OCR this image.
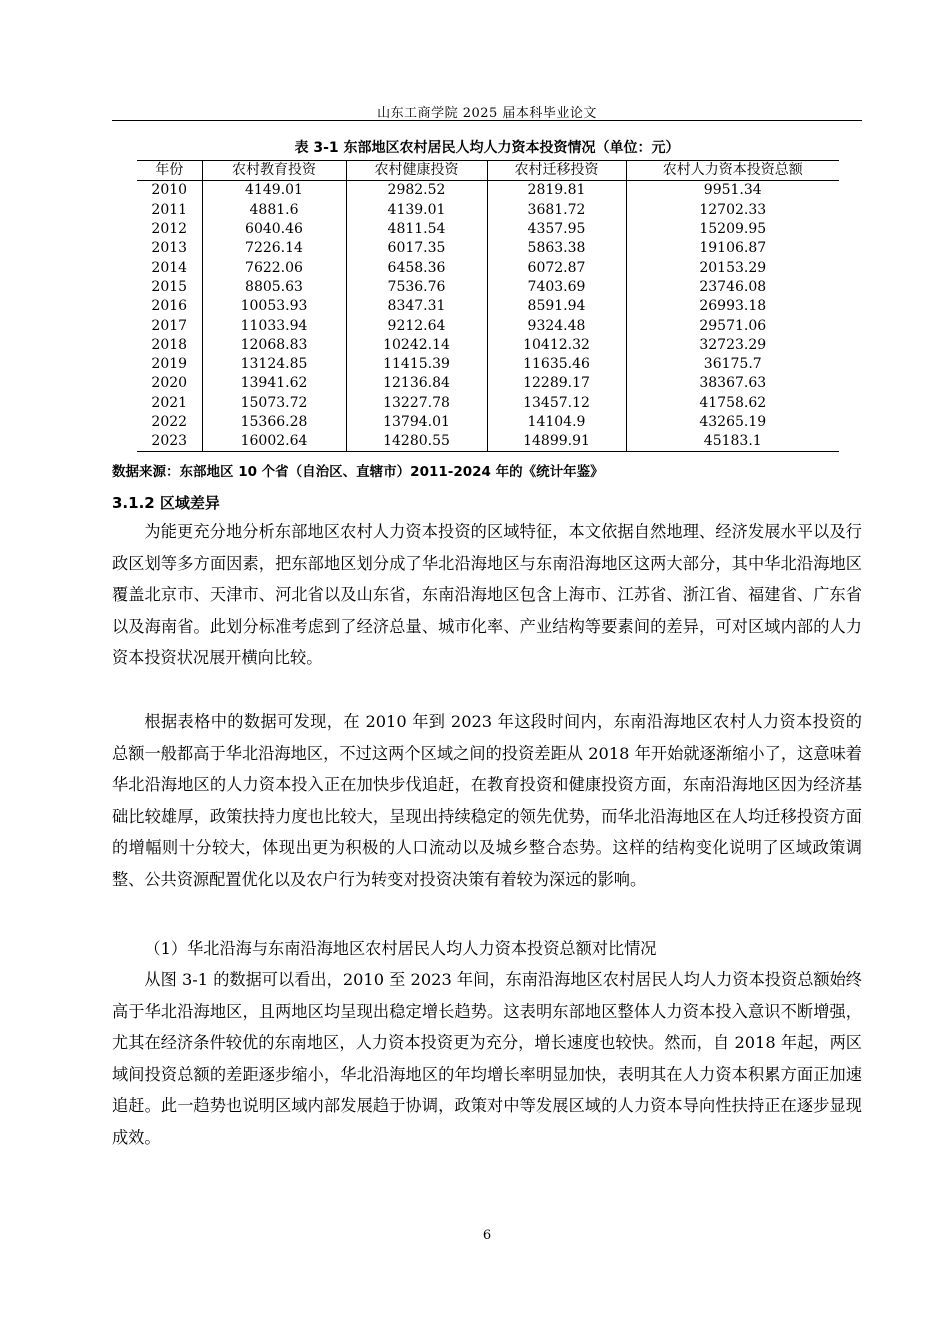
山东工商学院 2025 届本科毕业论文
表 3-1 东部地区农村居民人均人力资本投资情况（单位：元）
年份	农村教育投资	农村健康投资	农村迁移投资	农村人力资本投资总额
2010	4149.01	2982.52	2819.81	9951.34
2011	4881.6	4139.01	3681.72	12702.33
2012	6040.46	4811.54	4357.95	15209.95
2013	7226.14	6017.35	5863.38	19106.87
2014	7622.06	6458.36	6072.87	20153.29
2015	8805.63	7536.76	7403.69	23746.08
2016	10053.93	8347.31	8591.94	26993.18
2017	11033.94	9212.64	9324.48	29571.06
2018	12068.83	10242.14	10412.32	32723.29
2019	13124.85	11415.39	11635.46	36175.7
2020	13941.62	12136.84	12289.17	38367.63
2021	15073.72	13227.78	13457.12	41758.62
2022	15366.28	13794.01	14104.9	43265.19
2023	16002.64	14280.55	14899.91	45183.1
数据来源：东部地区 10 个省（自治区、直辖市）2011-2024 年的《统计年鉴》
3.1.2 区域差异

为能更充分地分析东部地区农村人力资本投资的区域特征，本文依据自然地理、经济发展水平以及行政区划等多方面因素，把东部地区划分成了华北沿海地区与东南沿海地区这两大部分，其中华北沿海地区覆盖北京市、天津市、河北省以及山东省，东南沿海地区包含上海市、江苏省、浙江省、福建省、广东省以及海南省。此划分标准考虑到了经济总量、城市化率、产业结构等要素间的差异，可对区域内部的人力资本投资状况展开横向比较。

根据表格中的数据可发现，在 2010 年到 2023 年这段时间内，东南沿海地区农村人力资本投资的总额一般都高于华北沿海地区，不过这两个区域之间的投资差距从 2018 年开始就逐渐缩小了，这意味着华北沿海地区的人力资本投入正在加快步伐追赶，在教育投资和健康投资方面，东南沿海地区因为经济基础比较雄厚，政策扶持力度也比较大，呈现出持续稳定的领先优势，而华北沿海地区在人均迁移投资方面的增幅则十分较大，体现出更为积极的人口流动以及城乡整合态势。这样的结构变化说明了区域政策调整、公共资源配置优化以及农户行为转变对投资决策有着较为深远的影响。

（1）华北沿海与东南沿海地区农村居民人均人力资本投资总额对比情况

从图 3-1 的数据可以看出，2010 至 2023 年间，东南沿海地区农村居民人均人力资本投资总额始终高于华北沿海地区，且两地区均呈现出稳定增长趋势。这表明东部地区整体人力资本投入意识不断增强，尤其在经济条件较优的东南地区，人力资本投资更为充分，增长速度也较快。然而，自 2018 年起，两区域间投资总额的差距逐步缩小，华北沿海地区的年均增长率明显加快，表明其在人力资本积累方面正加速追赶。此一趋势也说明区域内部发展趋于协调，政策对中等发展区域的人力资本导向性扶持正在逐步显现成效。

6
